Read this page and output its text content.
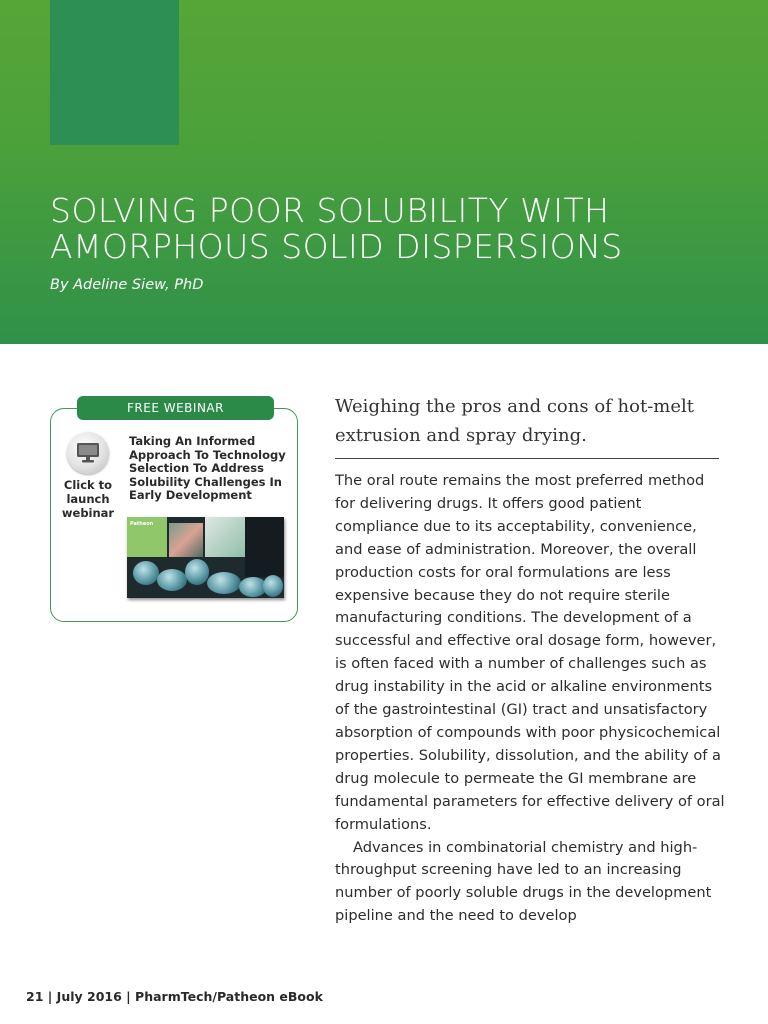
SOLVING POOR SOLUBILITY WITH
AMORPHOUS SOLID DISPERSIONS

By Adeline Siew, PhD

FREE WEBINAR
Click to
launch
webinar
Taking An Informed
Approach To Technology
Selection To Address
Solubility Challenges In
Early Development
Patheon

Weighing the pros and cons of hot-melt extrusion and spray drying.

The oral route remains the most preferred method for delivering drugs. It offers good patient compliance due to its acceptability, convenience, and ease of administration. Moreover, the overall production costs for oral formulations are less expensive because they do not require sterile manufacturing conditions. The development of a successful and effective oral dosage form, however, is often faced with a number of challenges such as drug instability in the acid or alkaline environments of the gastrointestinal (GI) tract and unsatisfactory absorption of compounds with poor physicochemical properties. Solubility, dissolution, and the ability of a drug molecule to permeate the GI membrane are fundamental parameters for effective delivery of oral formulations.

Advances in combinatorial chemistry and high-throughput screening have led to an increasing number of poorly soluble drugs in the development pipeline and the need to develop

21 | July 2016 | PharmTech/Patheon eBook
